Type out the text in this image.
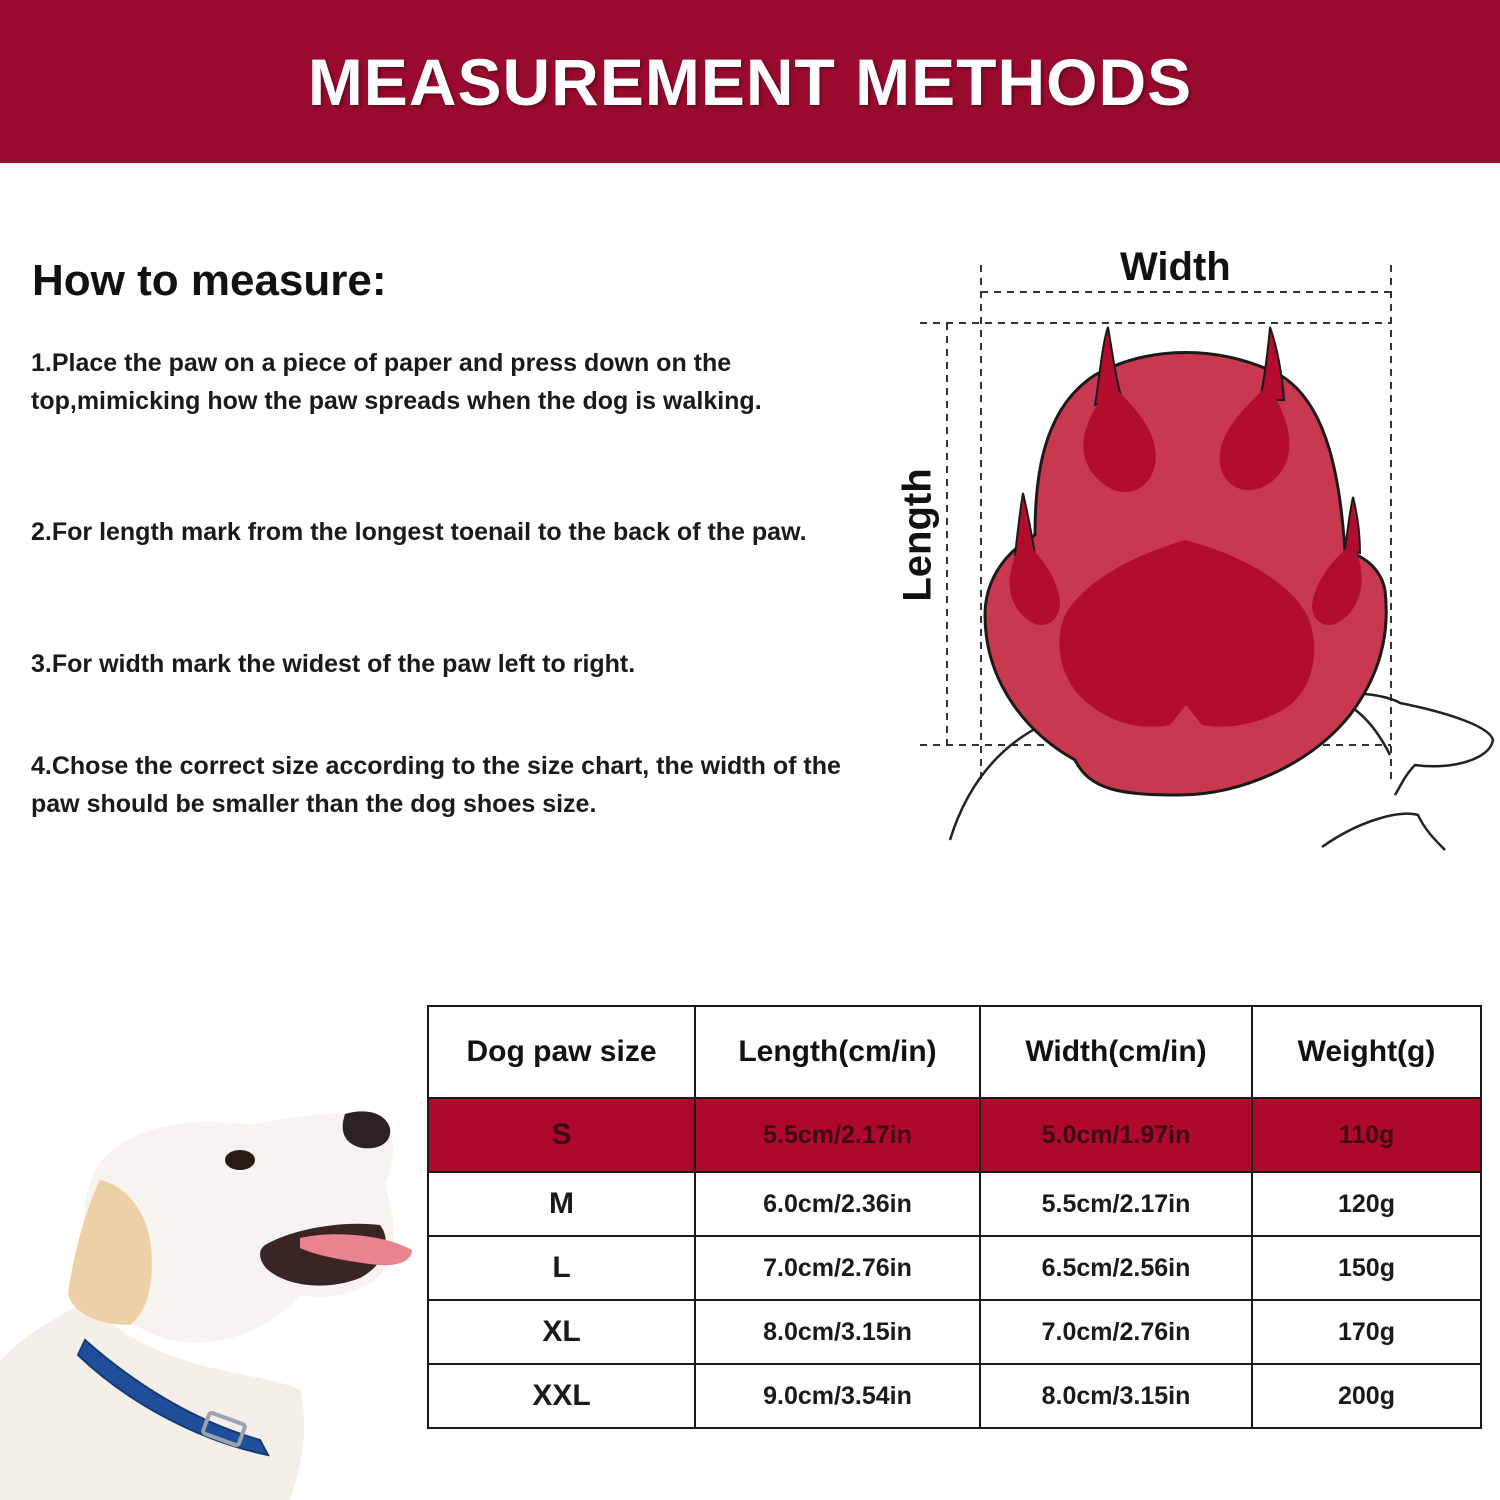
MEASUREMENT METHODS
How to measure:
1.Place the paw on a piece of paper and press down on the top,mimicking how the paw spreads when the dog is walking.
2.For length mark from the longest toenail to the back of the paw.
3.For width mark the widest of the paw left to right.
4.Chose the correct size according to the size chart, the width of the paw should be smaller than the dog shoes size.
Width
Length
Dog paw size	Length(cm/in)	Width(cm/in)	Weight(g)
S	5.5cm/2.17in	5.0cm/1.97in	110g
M	6.0cm/2.36in	5.5cm/2.17in	120g
L	7.0cm/2.76in	6.5cm/2.56in	150g
XL	8.0cm/3.15in	7.0cm/2.76in	170g
XXL	9.0cm/3.54in	8.0cm/3.15in	200g
